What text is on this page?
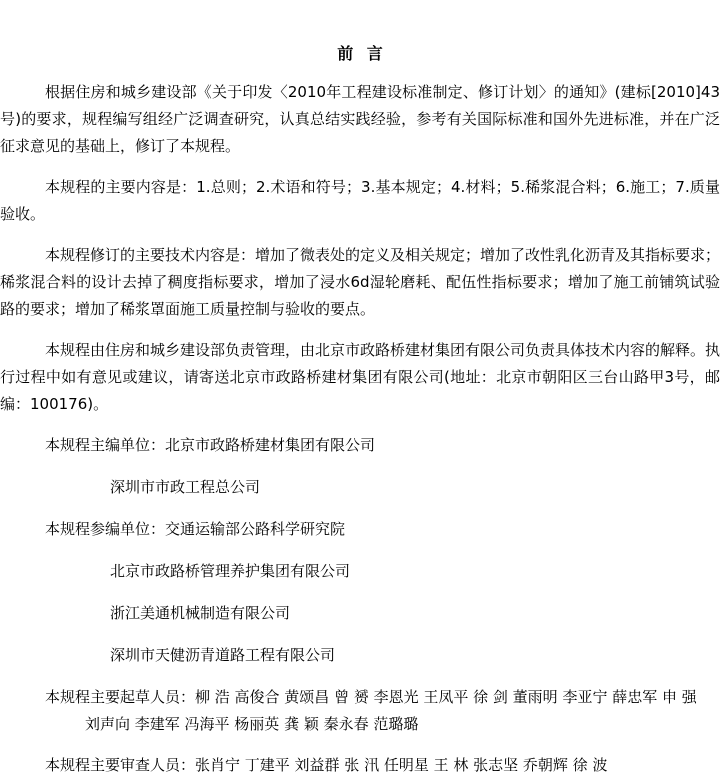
前 言

根据住房和城乡建设部《关于印发〈2010年工程建设标准制定、修订计划〉的通知》(建标[2010]43号)的要求，规程编写组经广泛调查研究，认真总结实践经验，参考有关国际标准和国外先进标准，并在广泛征求意见的基础上，修订了本规程。

本规程的主要内容是：1.总则；2.术语和符号；3.基本规定；4.材料；5.稀浆混合料；6.施工；7.质量验收。

本规程修订的主要技术内容是：增加了微表处的定义及相关规定；增加了改性乳化沥青及其指标要求；稀浆混合料的设计去掉了稠度指标要求，增加了浸水6d湿轮磨耗、配伍性指标要求；增加了施工前铺筑试验路的要求；增加了稀浆罩面施工质量控制与验收的要点。

本规程由住房和城乡建设部负责管理，由北京市政路桥建材集团有限公司负责具体技术内容的解释。执行过程中如有意见或建议，请寄送北京市政路桥建材集团有限公司(地址：北京市朝阳区三台山路甲3号，邮编：100176)。

本规程主编单位：北京市政路桥建材集团有限公司

深圳市市政工程总公司

本规程参编单位：交通运输部公路科学研究院

北京市政路桥管理养护集团有限公司

浙江美通机械制造有限公司

深圳市天健沥青道路工程有限公司

本规程主要起草人员：柳 浩 高俊合 黄颂昌 曾 赟 李恩光 王凤平 徐 剑 董雨明 李亚宁 薛忠军 申 强

刘声向 李建军 冯海平 杨丽英 龚 颖 秦永春 范璐璐

本规程主要审查人员：张肖宁 丁建平 刘益群 张 汛 任明星 王 林 张志坚 乔朝辉 徐 波
